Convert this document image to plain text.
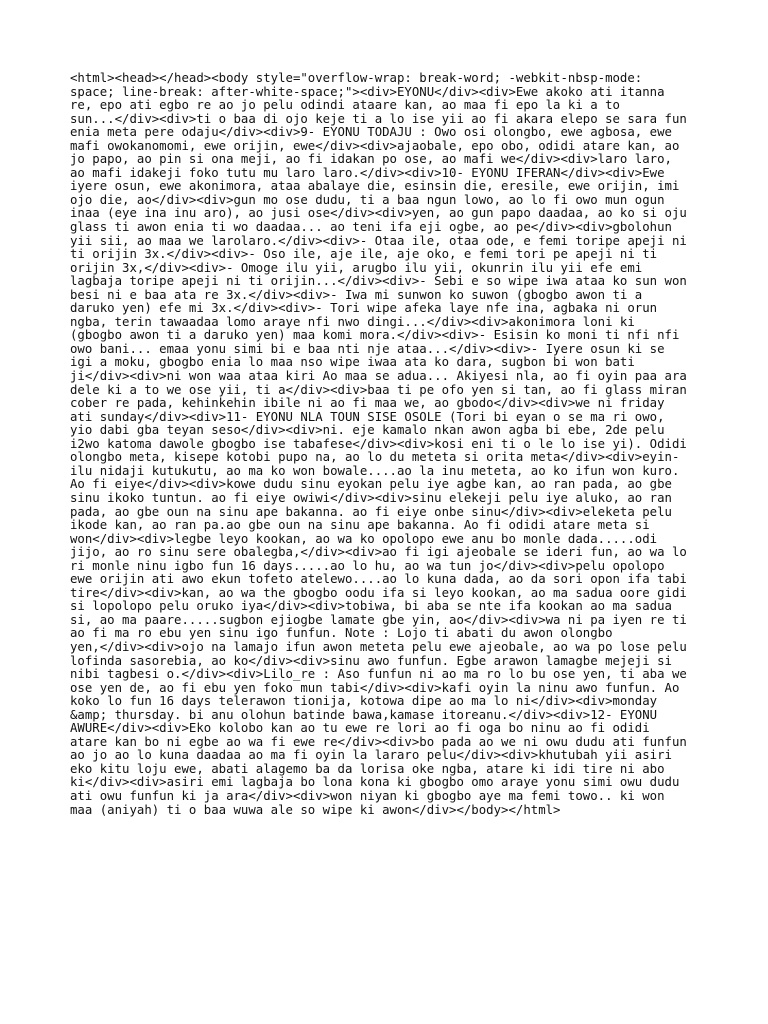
<html><head></head><body style="overflow-wrap: break-word; -webkit-nbsp-mode:
space; line-break: after-white-space;"><div>EYONU</div><div>Ewe akoko ati itanna
re, epo ati egbo re ao jo pelu odindi ataare kan, ao maa fi epo la ki a to
sun...</div><div>ti o baa di ojo keje ti a lo ise yii ao fi akara elepo se sara fun
enia meta pere odaju</div><div>9- EYONU TODAJU : Owo osi olongbo, ewe agbosa, ewe
mafi owokanomomi, ewe orijin, ewe</div><div>ajaobale, epo obo, odidi atare kan, ao
jo papo, ao pin si ona meji, ao fi idakan po ose, ao mafi we</div><div>laro laro,
ao mafi idakeji foko tutu mu laro laro.</div><div>10- EYONU IFERAN</div><div>Ewe
iyere osun, ewe akonimora, ataa abalaye die, esinsin die, eresile, ewe orijin, imi
ojo die, ao</div><div>gun mo ose dudu, ti a baa ngun lowo, ao lo fi owo mun ogun
inaa (eye ina inu aro), ao jusi ose</div><div>yen, ao gun papo daadaa, ao ko si oju
glass ti awon enia ti wo daadaa... ao teni ifa eji ogbe, ao pe</div><div>gbolohun
yii sii, ao maa we larolaro.</div><div>- Otaa ile, otaa ode, e femi toripe apeji ni
ti orijin 3x.</div><div>- Oso ile, aje ile, aje oko, e femi tori pe apeji ni ti
orijin 3x,</div><div>- Omoge ilu yii, arugbo ilu yii, okunrin ilu yii efe emi
lagbaja toripe apeji ni ti orijin...</div><div>- Sebi e so wipe iwa ataa ko sun won
besi ni e baa ata re 3x.</div><div>- Iwa mi sunwon ko suwon (gbogbo awon ti a
daruko yen) efe mi 3x.</div><div>- Tori wipe afeka laye nfe ina, agbaka ni orun
ngba, terin tawaadaa lomo araye nfi nwo dingi...</div><div>akonimora loni ki
(gbogbo awon ti a daruko yen) maa komi mora.</div><div>- Esisin ko moni ti nfi nfi
owo bani... emaa yonu simi bi e baa nti nje ataa...</div><div>- Iyere osun ki se
igi a moku, gbogbo enia lo maa nso wipe iwaa ata ko dara, sugbon bi won bati
ji</div><div>ni won waa ataa kiri Ao maa se adua... Akiyesi nla, ao fi oyin paa ara
dele ki a to we ose yii, ti a</div><div>baa ti pe ofo yen si tan, ao fi glass miran
cober re pada, kehinkehin ibile ni ao fi maa we, ao gbodo</div><div>we ni friday
ati sunday</div><div>11- EYONU NLA TOUN SISE OSOLE (Tori bi eyan o se ma ri owo,
yio dabi gba teyan seso</div><div>ni. eje kamalo nkan awon agba bi ebe, 2de pelu
i2wo katoma dawole gbogbo ise tabafese</div><div>kosi eni ti o le lo ise yi). Odidi
olongbo meta, kisepe kotobi pupo na, ao lo du meteta si orita meta</div><div>eyin-
ilu nidaji kutukutu, ao ma ko won bowale....ao la inu meteta, ao ko ifun won kuro.
Ao fi eiye</div><div>kowe dudu sinu eyokan pelu iye agbe kan, ao ran pada, ao gbe
sinu ikoko tuntun. ao fi eiye owiwi</div><div>sinu elekeji pelu iye aluko, ao ran
pada, ao gbe oun na sinu ape bakanna. ao fi eiye onbe sinu</div><div>eleketa pelu
ikode kan, ao ran pa.ao gbe oun na sinu ape bakanna. Ao fi odidi atare meta si
won</div><div>legbe leyo kookan, ao wa ko opolopo ewe anu bo monle dada.....odi
jijo, ao ro sinu sere obalegba,</div><div>ao fi igi ajeobale se ideri fun, ao wa lo
ri monle ninu igbo fun 16 days.....ao lo hu, ao wa tun jo</div><div>pelu opolopo
ewe orijin ati awo ekun tofeto atelewo....ao lo kuna dada, ao da sori opon ifa tabi
tire</div><div>kan, ao wa the gbogbo oodu ifa si leyo kookan, ao ma sadua oore gidi
si lopolopo pelu oruko iya</div><div>tobiwa, bi aba se nte ifa kookan ao ma sadua
si, ao ma paare.....sugbon ejiogbe lamate gbe yin, ao</div><div>wa ni pa iyen re ti
ao fi ma ro ebu yen sinu igo funfun. Note : Lojo ti abati du awon olongbo
yen,</div><div>ojo na lamajo ifun awon meteta pelu ewe ajeobale, ao wa po lose pelu
lofinda sasorebia, ao ko</div><div>sinu awo funfun. Egbe arawon lamagbe mejeji si
nibi tagbesi o.</div><div>Lilo_re : Aso funfun ni ao ma ro lo bu ose yen, ti aba we
ose yen de, ao fi ebu yen foko mun tabi</div><div>kafi oyin la ninu awo funfun. Ao
koko lo fun 16 days telerawon tionija, kotowa dipe ao ma lo ni</div><div>monday
&amp; thursday. bi anu olohun batinde bawa,kamase itoreanu.</div><div>12- EYONU
AWURE</div><div>Eko kolobo kan ao tu ewe re lori ao fi oga bo ninu ao fi odidi
atare kan bo ni egbe ao wa fi ewe re</div><div>bo pada ao we ni owu dudu ati funfun
ao jo ao lo kuna daadaa ao ma fi oyin la lararo pelu</div><div>khutubah yii asiri
eko kitu loju ewe, abati alagemo ba da lorisa oke ngba, atare ki idi tire ni abo
ki</div><div>asiri emi lagbaja bo lona kona ki gbogbo omo araye yonu simi owu dudu
ati owu funfun ki ja ara</div><div>won niyan ki gbogbo aye ma femi towo.. ki won
maa (aniyah) ti o baa wuwa ale so wipe ki awon</div></body></html>
